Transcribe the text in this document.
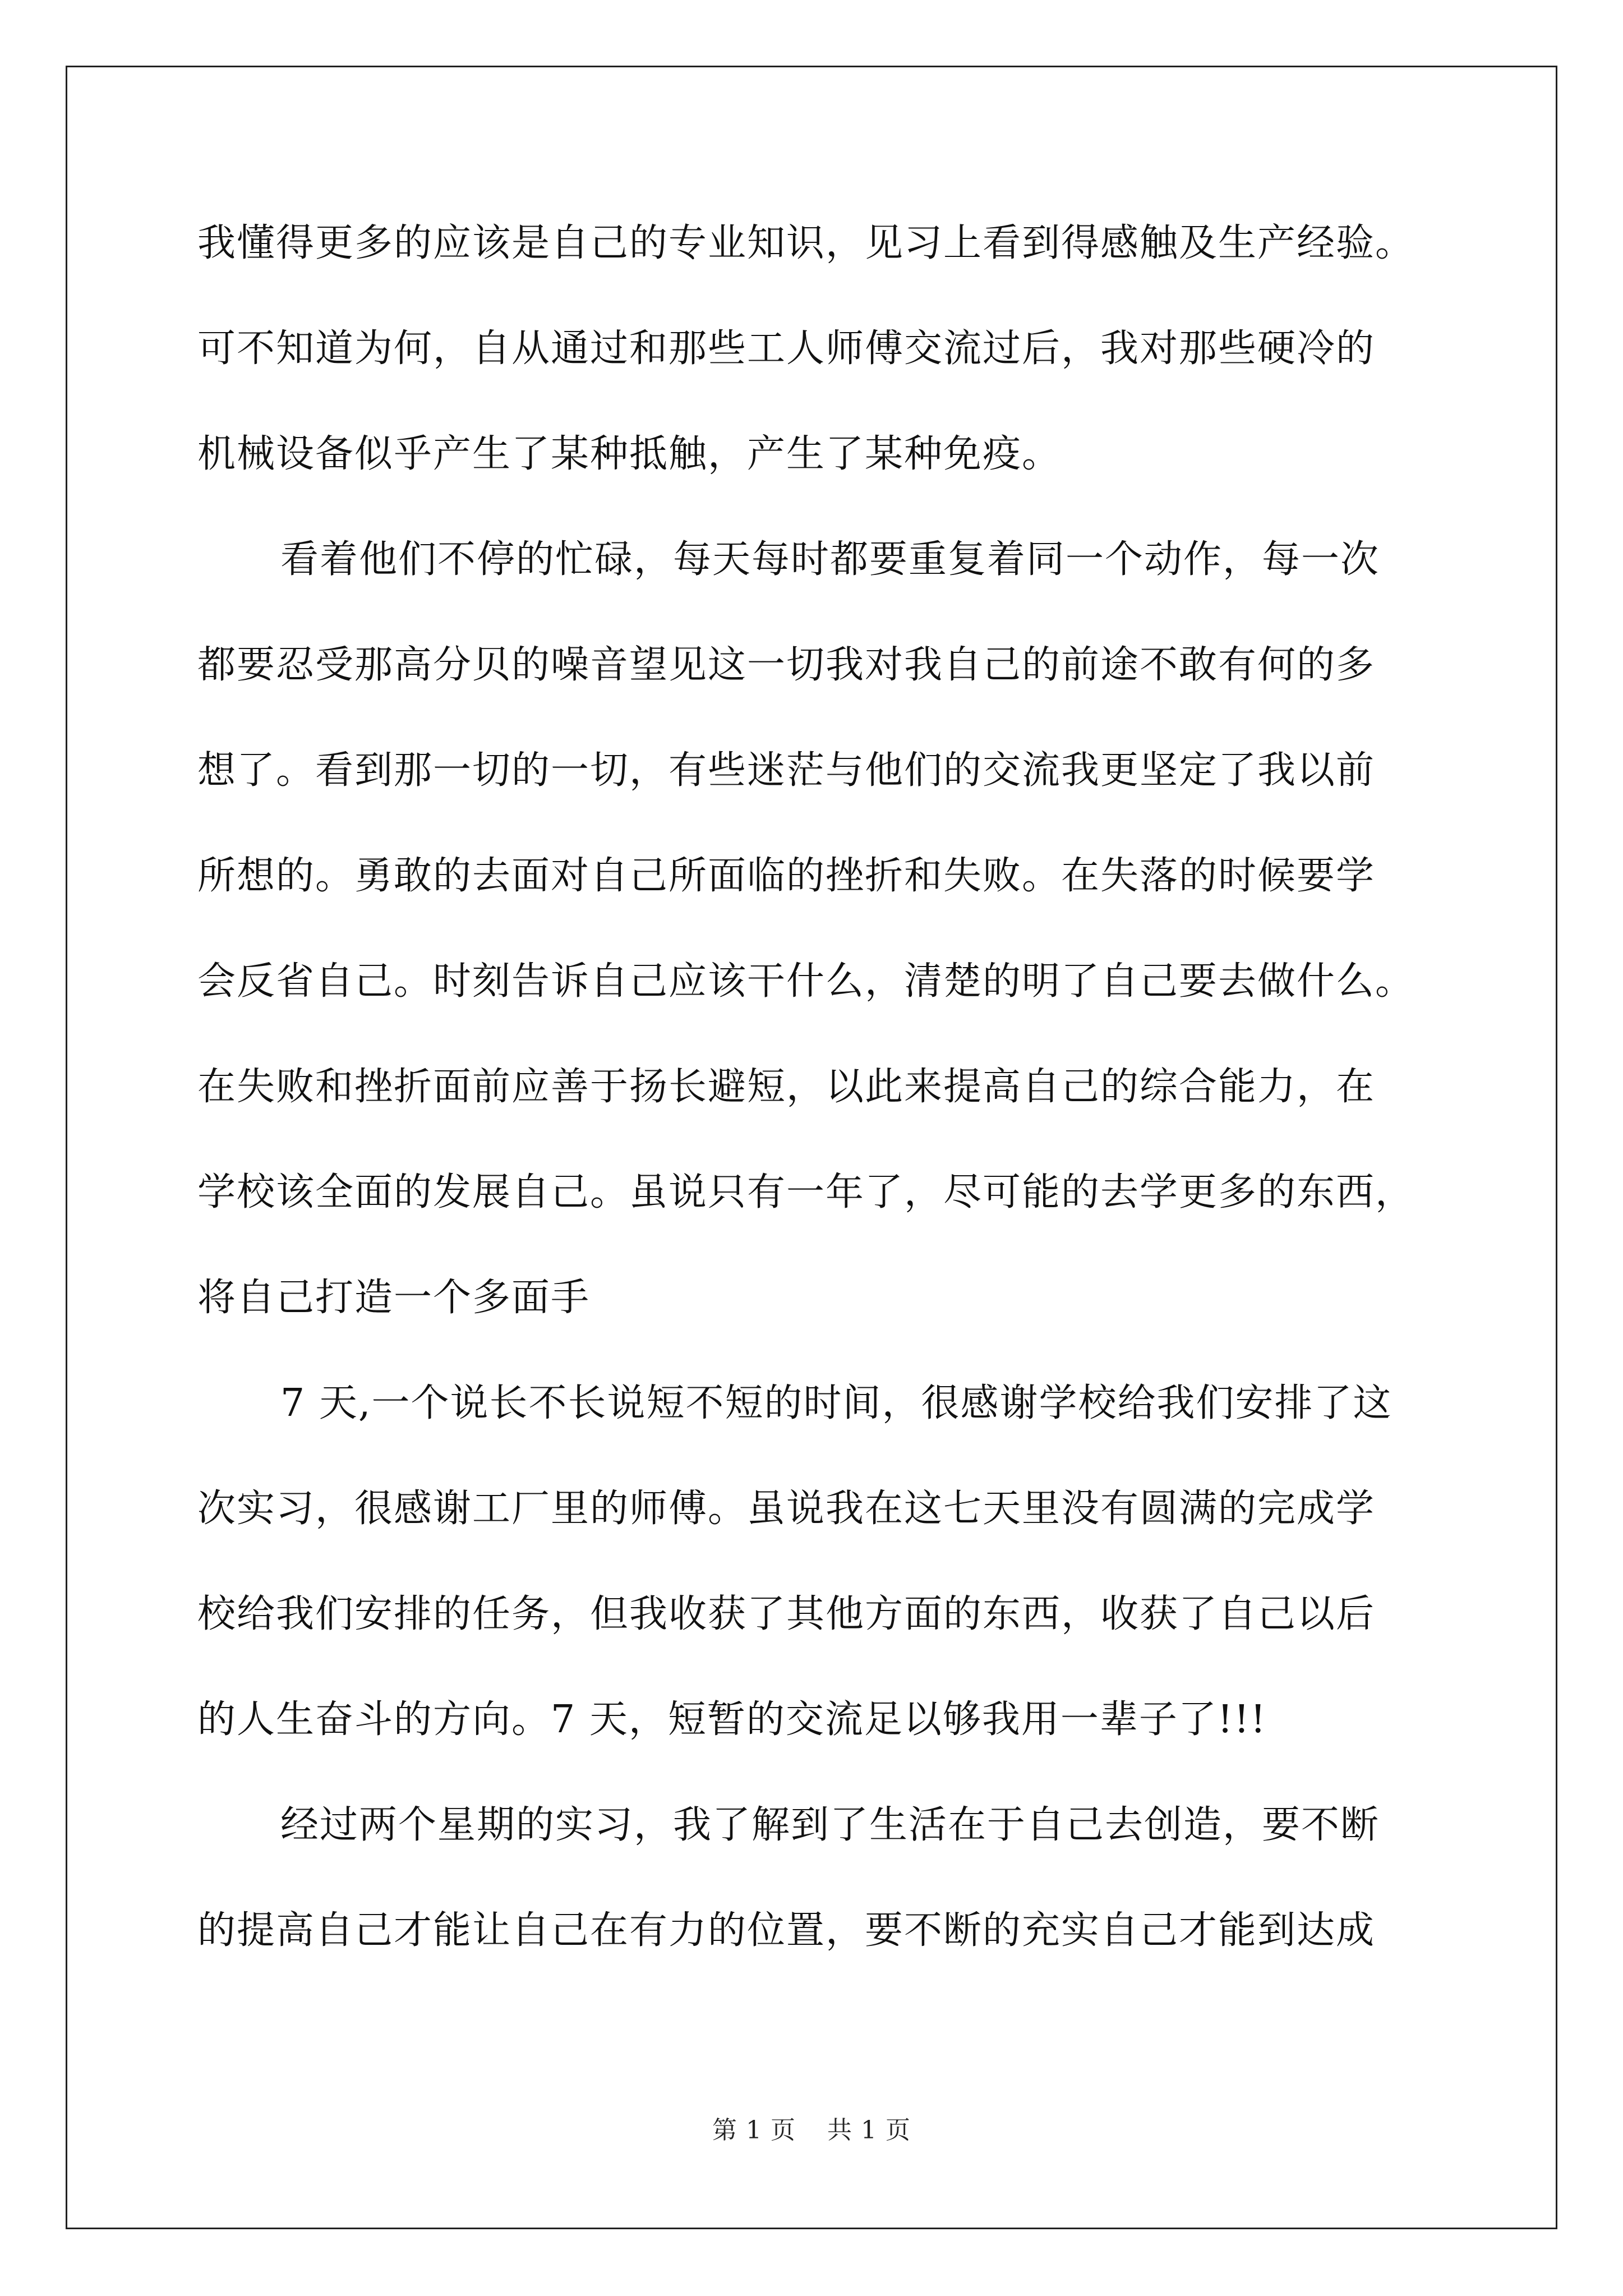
我懂得更多的应该是自己的专业知识，见习上看到得感触及生产经验。
可不知道为何，自从通过和那些工人师傅交流过后，我对那些硬冷的
机械设备似乎产生了某种抵触，产生了某种免疫。
看着他们不停的忙碌，每天每时都要重复着同一个动作，每一次
都要忍受那高分贝的噪音望见这一切我对我自己的前途不敢有何的多
想了。看到那一切的一切，有些迷茫与他们的交流我更坚定了我以前
所想的。勇敢的去面对自己所面临的挫折和失败。在失落的时候要学
会反省自己。时刻告诉自己应该干什么，清楚的明了自己要去做什么。
在失败和挫折面前应善于扬长避短，以此来提高自己的综合能力，在
学校该全面的发展自己。虽说只有一年了，尽可能的去学更多的东西，
将自己打造一个多面手
7 天,一个说长不长说短不短的时间，很感谢学校给我们安排了这
次实习，很感谢工厂里的师傅。虽说我在这七天里没有圆满的完成学
校给我们安排的任务，但我收获了其他方面的东西，收获了自己以后
的人生奋斗的方向。7 天，短暂的交流足以够我用一辈子了!!!
经过两个星期的实习，我了解到了生活在于自己去创造，要不断
的提高自己才能让自己在有力的位置，要不断的充实自己才能到达成
第 1 页 共 1 页
